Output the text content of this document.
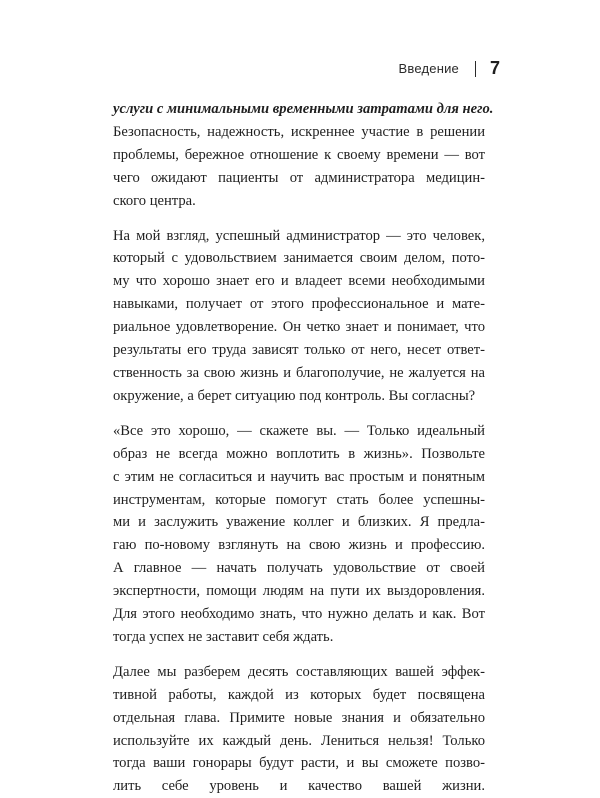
Введение 7

услуги с минимальными временными затратами для него.
Безопасность, надежность, искреннее участие в решении
проблемы, бережное отношение к своему времени — вот
чего ожидают пациенты от администратора медицин-
ского центра.

На мой взгляд, успешный администратор — это человек,
который с удовольствием занимается своим делом, пото-
му что хорошо знает его и владеет всеми необходимыми
навыками, получает от этого профессиональное и мате-
риальное удовлетворение. Он четко знает и понимает, что
результаты его труда зависят только от него, несет ответ-
ственность за свою жизнь и благополучие, не жалуется на
окружение, а берет ситуацию под контроль. Вы согласны?

«Все это хорошо, — скажете вы. — Только идеальный
образ не всегда можно воплотить в жизнь». Позвольте
с этим не согласиться и научить вас простым и понятным
инструментам, которые помогут стать более успешны-
ми и заслужить уважение коллег и близких. Я предла-
гаю по-новому взглянуть на свою жизнь и профессию.
А главное — начать получать удовольствие от своей
экспертности, помощи людям на пути их выздоровления.
Для этого необходимо знать, что нужно делать и как. Вот
тогда успех не заставит себя ждать.

Далее мы разберем десять составляющих вашей эффек-
тивной работы, каждой из которых будет посвящена
отдельная глава. Примите новые знания и обязательно
используйте их каждый день. Лениться нельзя! Только
тогда ваши гонорары будут расти, и вы сможете позво-
лить себе уровень и качество вашей жизни.
